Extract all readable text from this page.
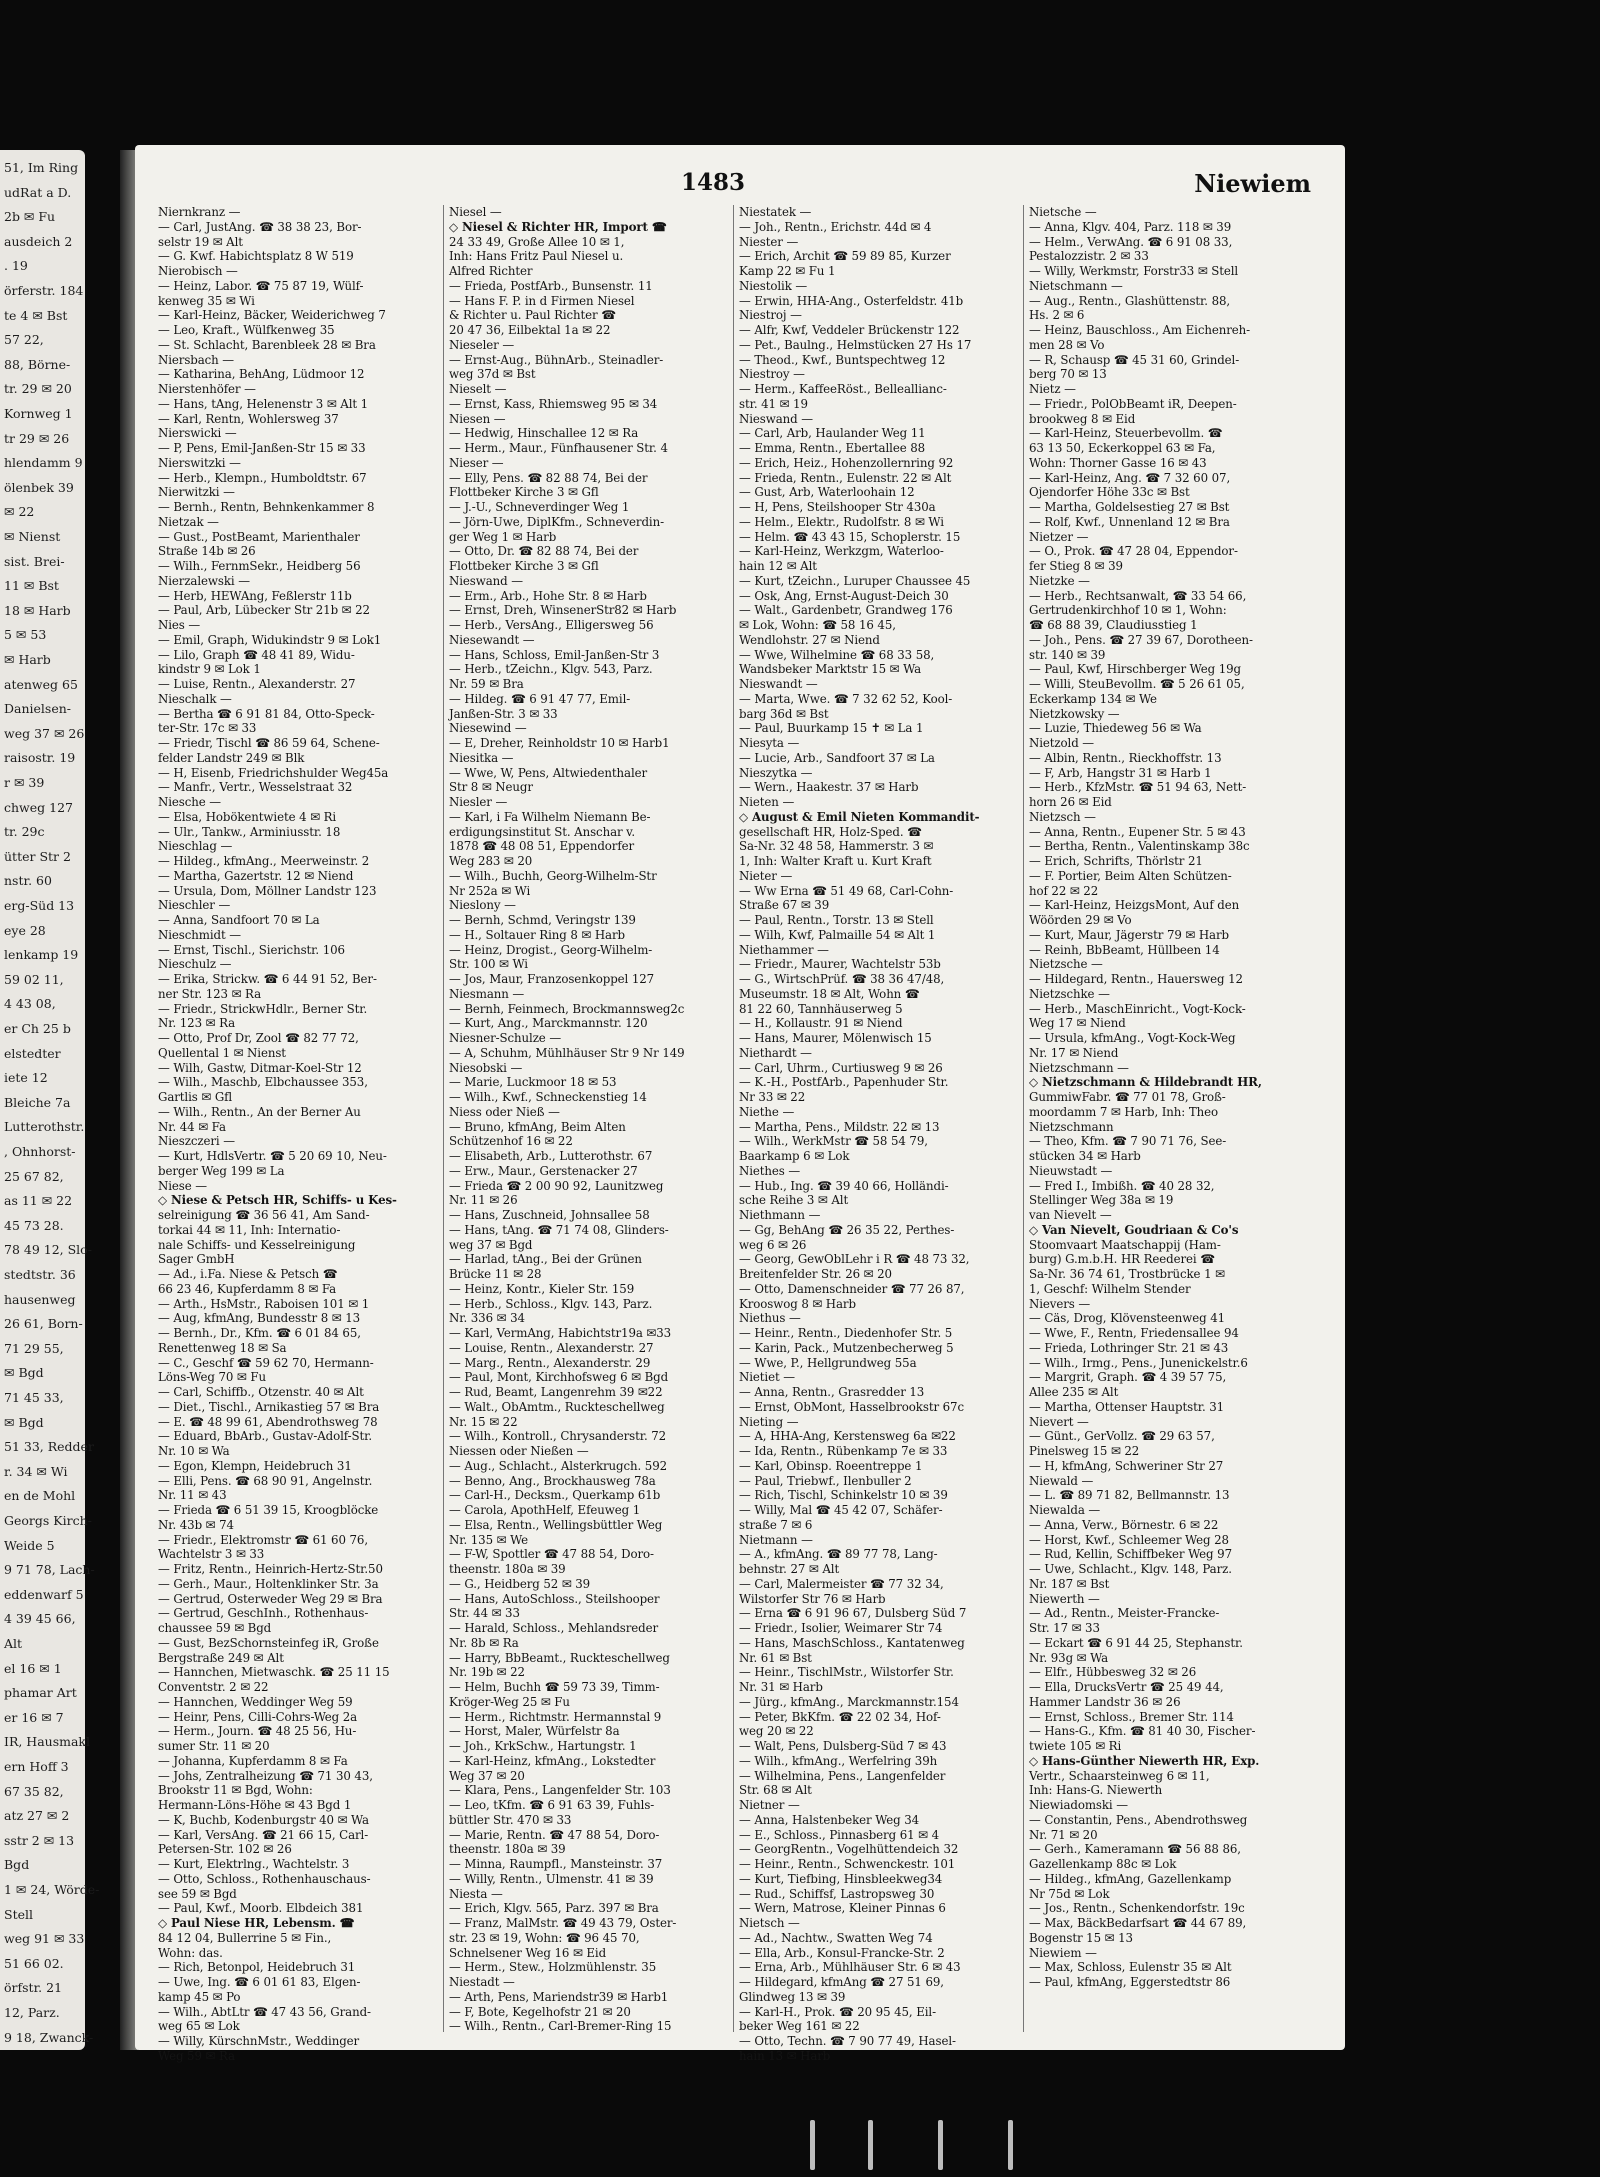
51, Im Ring
udRat a D.
2b ✉ Fu
ausdeich 2
. 19
örferstr. 184
te 4 ✉ Bst
57 22,
88, Börne-
tr. 29 ✉ 20
Kornweg 1
tr 29 ✉ 26
hlendamm 9
ölenbek 39
✉ 22
✉ Nienst
sist. Brei-
11 ✉ Bst
18 ✉ Harb
5 ✉ 53
✉ Harb
atenweg 65
Danielsen-
weg 37 ✉ 26
raisostr. 19
r ✉ 39
chweg 127
tr. 29c
ütter Str 2
nstr. 60
erg-Süd 13
eye 28
lenkamp 19
59 02 11,
4 43 08,
er Ch 25 b
elstedter
iete 12
Bleiche 7a
Lutterothstr.
, Ohnhorst-
25 67 82,
as 11 ✉ 22
45 73 28.
78 49 12, Slo-
stedtstr. 36
hausenweg
26 61, Born-
71 29 55,
✉ Bgd
71 45 33,
✉ Bgd
51 33, Redder
r. 34 ✉ Wi
en de Mohl
Georgs Kirch-
Weide 5
9 71 78, Lach-
eddenwarf 5
4 39 45 66,
Alt
el 16 ✉ 1
phamar Art
er 16 ✉ 7
IR, Hausmakl
ern Hoff 3
67 35 82,
atz 27 ✉ 2
sstr 2 ✉ 13
Bgd
1 ✉ 24, Wörde-
Stell
weg 91 ✉ 33
51 66 02.
örfstr. 21
12, Parz.
9 18, Zwanck-
1483	Niewiem
Niernkranz —
— Carl, JustAng. ☎ 38 38 23, Bor-
selstr 19 ✉ Alt
— G. Kwf. Habichtsplatz 8 W 519
Nierobisch —
— Heinz, Labor. ☎ 75 87 19, Wülf-
kenweg 35 ✉ Wi
— Karl-Heinz, Bäcker, Weiderichweg 7
— Leo, Kraft., Wülfkenweg 35
— St. Schlacht, Barenbleek 28 ✉ Bra
Niersbach —
— Katharina, BehAng, Lüdmoor 12
Nierstenhöfer —
— Hans, tAng, Helenenstr 3 ✉ Alt 1
— Karl, Rentn, Wohlersweg 37
Nierswicki —
— P, Pens, Emil-Janßen-Str 15 ✉ 33
Nierswitzki —
— Herb., Klempn., Humboldtstr. 67
Nierwitzki —
— Bernh., Rentn, Behnkenkammer 8
Nietzak —
— Gust., PostBeamt, Marienthaler
Straße 14b ✉ 26
— Wilh., FernmSekr., Heidberg 56
Nierzalewski —
— Herb, HEWAng, Feßlerstr 11b
— Paul, Arb, Lübecker Str 21b ✉ 22
Nies —
— Emil, Graph, Widukindstr 9 ✉ Lok1
— Lilo, Graph ☎ 48 41 89, Widu-
kindstr 9 ✉ Lok 1
— Luise, Rentn., Alexanderstr. 27
Nieschalk —
— Bertha ☎ 6 91 81 84, Otto-Speck-
ter-Str. 17c ✉ 33
— Friedr, Tischl ☎ 86 59 64, Schene-
felder Landstr 249 ✉ Blk
— H, Eisenb, Friedrichshulder Weg45a
— Manfr., Vertr., Wesselstraat 32
Niesche —
— Elsa, Hobökentwiete 4 ✉ Ri
— Ulr., Tankw., Arminiusstr. 18
Nieschlag —
— Hildeg., kfmAng., Meerweinstr. 2
— Martha, Gazertstr. 12 ✉ Niend
— Ursula, Dom, Möllner Landstr 123
Nieschler —
— Anna, Sandfoort 70 ✉ La
Nieschmidt —
— Ernst, Tischl., Sierichstr. 106
Nieschulz —
— Erika, Strickw. ☎ 6 44 91 52, Ber-
ner Str. 123 ✉ Ra
— Friedr., StrickwHdlr., Berner Str.
Nr. 123 ✉ Ra
— Otto, Prof Dr, Zool ☎ 82 77 72,
Quellental 1 ✉ Nienst
— Wilh, Gastw, Ditmar-Koel-Str 12
— Wilh., Maschb, Elbchaussee 353,
Gartlis ✉ Gfl
— Wilh., Rentn., An der Berner Au
Nr. 44 ✉ Fa
Nieszczeri —
— Kurt, HdlsVertr. ☎ 5 20 69 10, Neu-
berger Weg 199 ✉ La
Niese —
◇ Niese & Petsch HR, Schiffs- u Kes-
selreinigung ☎ 36 56 41, Am Sand-
torkai 44 ✉ 11, Inh: Internatio-
nale Schiffs- und Kesselreinigung
Sager GmbH
— Ad., i.Fa. Niese & Petsch ☎
66 23 46, Kupferdamm 8 ✉ Fa
— Arth., HsMstr., Raboisen 101 ✉ 1
— Aug, kfmAng, Bundesstr 8 ✉ 13
— Bernh., Dr., Kfm. ☎ 6 01 84 65,
Renettenweg 18 ✉ Sa
— C., Geschf ☎ 59 62 70, Hermann-
Löns-Weg 70 ✉ Fu
— Carl, Schiffb., Otzenstr. 40 ✉ Alt
— Diet., Tischl., Arnikastieg 57 ✉ Bra
— E. ☎ 48 99 61, Abendrothsweg 78
— Eduard, BbArb., Gustav-Adolf-Str.
Nr. 10 ✉ Wa
— Egon, Klempn, Heidebruch 31
— Elli, Pens. ☎ 68 90 91, Angelnstr.
Nr. 11 ✉ 43
— Frieda ☎ 6 51 39 15, Kroogblöcke
Nr. 43b ✉ 74
— Friedr., Elektromstr ☎ 61 60 76,
Wachtelstr 3 ✉ 33
— Fritz, Rentn., Heinrich-Hertz-Str.50
— Gerh., Maur., Holtenklinker Str. 3a
— Gertrud, Osterweder Weg 29 ✉ Bra
— Gertrud, GeschInh., Rothenhaus-
chaussee 59 ✉ Bgd
— Gust, BezSchornsteinfeg iR, Große
Bergstraße 249 ✉ Alt
— Hannchen, Mietwaschk. ☎ 25 11 15
Conventstr. 2 ✉ 22
— Hannchen, Weddinger Weg 59
— Heinr, Pens, Cilli-Cohrs-Weg 2a
— Herm., Journ. ☎ 48 25 56, Hu-
sumer Str. 11 ✉ 20
— Johanna, Kupferdamm 8 ✉ Fa
— Johs, Zentralheizung ☎ 71 30 43,
Brookstr 11 ✉ Bgd, Wohn:
Hermann-Löns-Höhe ✉ 43 Bgd 1
— K, Buchb, Kodenburgstr 40 ✉ Wa
— Karl, VersAng. ☎ 21 66 15, Carl-
Petersen-Str. 102 ✉ 26
— Kurt, Elektrlng., Wachtelstr. 3
— Otto, Schloss., Rothenhauschaus-
see 59 ✉ Bgd
— Paul, Kwf., Moorb. Elbdeich 381
◇ Paul Niese HR, Lebensm. ☎
84 12 04, Bullerrine 5 ✉ Fin.,
Wohn: das.
— Rich, Betonpol, Heidebruch 31
— Uwe, Ing. ☎ 6 01 61 83, Elgen-
kamp 45 ✉ Po
— Wilh., AbtLtr ☎ 47 43 56, Grand-
weg 65 ✉ Lok
— Willy, KürschnMstr., Weddinger
Weg 59 ✉ Ra
Niesel —
◇ Niesel & Richter HR, Import ☎
24 33 49, Große Allee 10 ✉ 1,
Inh: Hans Fritz Paul Niesel u.
Alfred Richter
— Frieda, PostfArb., Bunsenstr. 11
— Hans F. P. in d Firmen Niesel
& Richter u. Paul Richter ☎
20 47 36, Eilbektal 1a ✉ 22
Nieseler —
— Ernst-Aug., BühnArb., Steinadler-
weg 37d ✉ Bst
Nieselt —
— Ernst, Kass, Rhiemsweg 95 ✉ 34
Niesen —
— Hedwig, Hinschallee 12 ✉ Ra
— Herm., Maur., Fünfhausener Str. 4
Nieser —
— Elly, Pens. ☎ 82 88 74, Bei der
Flottbeker Kirche 3 ✉ Gfl
— J.-U., Schneverdinger Weg 1
— Jörn-Uwe, DiplKfm., Schneverdin-
ger Weg 1 ✉ Harb
— Otto, Dr. ☎ 82 88 74, Bei der
Flottbeker Kirche 3 ✉ Gfl
Nieswand —
— Erm., Arb., Hohe Str. 8 ✉ Harb
— Ernst, Dreh, WinsenerStr82 ✉ Harb
— Herb., VersAng., Elligersweg 56
Niesewandt —
— Hans, Schloss, Emil-Janßen-Str 3
— Herb., tZeichn., Klgv. 543, Parz.
Nr. 59 ✉ Bra
— Hildeg. ☎ 6 91 47 77, Emil-
Janßen-Str. 3 ✉ 33
Niesewind —
— E, Dreher, Reinholdstr 10 ✉ Harb1
Niesitka —
— Wwe, W, Pens, Altwiedenthaler
Str 8 ✉ Neugr
Niesler —
— Karl, i Fa Wilhelm Niemann Be-
erdigungsinstitut St. Anschar v.
1878 ☎ 48 08 51, Eppendorfer
Weg 283 ✉ 20
— Wilh., Buchh, Georg-Wilhelm-Str
Nr 252a ✉ Wi
Nieslony —
— Bernh, Schmd, Veringstr 139
— H., Soltauer Ring 8 ✉ Harb
— Heinz, Drogist., Georg-Wilhelm-
Str. 100 ✉ Wi
— Jos, Maur, Franzosenkoppel 127
Niesmann —
— Bernh, Feinmech, Brockmannsweg2c
— Kurt, Ang., Marckmannstr. 120
Niesner-Schulze —
— A, Schuhm, Mühlhäuser Str 9 Nr 149
Niesobski —
— Marie, Luckmoor 18 ✉ 53
— Wilh., Kwf., Schneckenstieg 14
Niess oder Nieß —
— Bruno, kfmAng, Beim Alten
Schützenhof 16 ✉ 22
— Elisabeth, Arb., Lutterothstr. 67
— Erw., Maur., Gerstenacker 27
— Frieda ☎ 2 00 90 92, Launitzweg
Nr. 11 ✉ 26
— Hans, Zuschneid, Johnsallee 58
— Hans, tAng. ☎ 71 74 08, Glinders-
weg 37 ✉ Bgd
— Harlad, tAng., Bei der Grünen
Brücke 11 ✉ 28
— Heinz, Kontr., Kieler Str. 159
— Herb., Schloss., Klgv. 143, Parz.
Nr. 336 ✉ 34
— Karl, VermAng, Habichtstr19a ✉33
— Louise, Rentn., Alexanderstr. 27
— Marg., Rentn., Alexanderstr. 29
— Paul, Mont, Kirchhofsweg 6 ✉ Bgd
— Rud, Beamt, Langenrehm 39 ✉22
— Walt., ObAmtm., Ruckteschellweg
Nr. 15 ✉ 22
— Wilh., Kontroll., Chrysanderstr. 72
Niessen oder Nießen —
— Aug., Schlacht., Alsterkrugch. 592
— Benno, Ang., Brockhausweg 78a
— Carl-H., Decksm., Querkamp 61b
— Carola, ApothHelf, Efeuweg 1
— Elsa, Rentn., Wellingsbüttler Weg
Nr. 135 ✉ We
— F-W, Spottler ☎ 47 88 54, Doro-
theenstr. 180a ✉ 39
— G., Heidberg 52 ✉ 39
— Hans, AutoSchloss., Steilshooper
Str. 44 ✉ 33
— Harald, Schloss., Mehlandsreder
Nr. 8b ✉ Ra
— Harry, BbBeamt., Ruckteschellweg
Nr. 19b ✉ 22
— Helm, Buchh ☎ 59 73 39, Timm-
Kröger-Weg 25 ✉ Fu
— Herm., Richtmstr. Hermannstal 9
— Horst, Maler, Würfelstr 8a
— Joh., KrkSchw., Hartungstr. 1
— Karl-Heinz, kfmAng., Lokstedter
Weg 37 ✉ 20
— Klara, Pens., Langenfelder Str. 103
— Leo, tKfm. ☎ 6 91 63 39, Fuhls-
büttler Str. 470 ✉ 33
— Marie, Rentn. ☎ 47 88 54, Doro-
theenstr. 180a ✉ 39
— Minna, Raumpfl., Mansteinstr. 37
— Willy, Rentn., Ulmenstr. 41 ✉ 39
Niesta —
— Erich, Klgv. 565, Parz. 397 ✉ Bra
— Franz, MalMstr. ☎ 49 43 79, Oster-
str. 23 ✉ 19, Wohn: ☎ 96 45 70,
Schnelsener Weg 16 ✉ Eid
— Herm., Stew., Holzmühlenstr. 35
Niestadt —
— Arth, Pens, Mariendstr39 ✉ Harb1
— F, Bote, Kegelhofstr 21 ✉ 20
— Wilh., Rentn., Carl-Bremer-Ring 15
Niestatek —
— Joh., Rentn., Erichstr. 44d ✉ 4
Niester —
— Erich, Archit ☎ 59 89 85, Kurzer
Kamp 22 ✉ Fu 1
Niestolik —
— Erwin, HHA-Ang., Osterfeldstr. 41b
Niestroj —
— Alfr, Kwf, Veddeler Brückenstr 122
— Pet., Baulng., Helmstücken 27 Hs 17
— Theod., Kwf., Buntspechtweg 12
Niestroy —
— Herm., KaffeeRöst., Belleallianc-
str. 41 ✉ 19
Nieswand —
— Carl, Arb, Haulander Weg 11
— Emma, Rentn., Ebertallee 88
— Erich, Heiz., Hohenzollernring 92
— Frieda, Rentn., Eulenstr. 22 ✉ Alt
— Gust, Arb, Waterloohain 12
— H, Pens, Steilshooper Str 430a
— Helm., Elektr., Rudolfstr. 8 ✉ Wi
— Helm. ☎ 43 43 15, Schoplerstr. 15
— Karl-Heinz, Werkzgm, Waterloo-
hain 12 ✉ Alt
— Kurt, tZeichn., Luruper Chaussee 45
— Osk, Ang, Ernst-August-Deich 30
— Walt., Gardenbetr, Grandweg 176
✉ Lok, Wohn: ☎ 58 16 45,
Wendlohstr. 27 ✉ Niend
— Wwe, Wilhelmine ☎ 68 33 58,
Wandsbeker Marktstr 15 ✉ Wa
Nieswandt —
— Marta, Wwe. ☎ 7 32 62 52, Kool-
barg 36d ✉ Bst
— Paul, Buurkamp 15 ✝ ✉ La 1
Niesyta —
— Lucie, Arb., Sandfoort 37 ✉ La
Nieszytka —
— Wern., Haakestr. 37 ✉ Harb
Nieten —
◇ August & Emil Nieten Kommandit-
gesellschaft HR, Holz-Sped. ☎
Sa-Nr. 32 48 58, Hammerstr. 3 ✉
1, Inh: Walter Kraft u. Kurt Kraft
Nieter —
— Ww Erna ☎ 51 49 68, Carl-Cohn-
Straße 67 ✉ 39
— Paul, Rentn., Torstr. 13 ✉ Stell
— Wilh, Kwf, Palmaille 54 ✉ Alt 1
Niethammer —
— Friedr., Maurer, Wachtelstr 53b
— G., WirtschPrüf. ☎ 38 36 47/48,
Museumstr. 18 ✉ Alt, Wohn ☎
81 22 60, Tannhäuserweg 5
— H., Kollaustr. 91 ✉ Niend
— Hans, Maurer, Mölenwisch 15
Niethardt —
— Carl, Uhrm., Curtiusweg 9 ✉ 26
— K.-H., PostfArb., Papenhuder Str.
Nr 33 ✉ 22
Niethe —
— Martha, Pens., Mildstr. 22 ✉ 13
— Wilh., WerkMstr ☎ 58 54 79,
Baarkamp 6 ✉ Lok
Niethes —
— Hub., Ing. ☎ 39 40 66, Holländi-
sche Reihe 3 ✉ Alt
Niethmann —
— Gg, BehAng ☎ 26 35 22, Perthes-
weg 6 ✉ 26
— Georg, GewOblLehr i R ☎ 48 73 32,
Breitenfelder Str. 26 ✉ 20
— Otto, Damenschneider ☎ 77 26 87,
Krooswog 8 ✉ Harb
Niethus —
— Heinr., Rentn., Diedenhofer Str. 5
— Karin, Pack., Mutzenbecherweg 5
— Wwe, P., Hellgrundweg 55a
Nietiet —
— Anna, Rentn., Grasredder 13
— Ernst, ObMont, Hasselbrookstr 67c
Nieting —
— A, HHA-Ang, Kerstensweg 6a ✉22
— Ida, Rentn., Rübenkamp 7e ✉ 33
— Karl, Obinsp. Roeentreppe 1
— Paul, Triebwf., Ilenbuller 2
— Rich, Tischl, Schinkelstr 10 ✉ 39
— Willy, Mal ☎ 45 42 07, Schäfer-
straße 7 ✉ 6
Nietmann —
— A., kfmAng. ☎ 89 77 78, Lang-
behnstr. 27 ✉ Alt
— Carl, Malermeister ☎ 77 32 34,
Wilstorfer Str 76 ✉ Harb
— Erna ☎ 6 91 96 67, Dulsberg Süd 7
— Friedr., Isolier, Weimarer Str 74
— Hans, MaschSchloss., Kantatenweg
Nr. 61 ✉ Bst
— Heinr., TischlMstr., Wilstorfer Str.
Nr. 31 ✉ Harb
— Jürg., kfmAng., Marckmannstr.154
— Peter, BkKfm. ☎ 22 02 34, Hof-
weg 20 ✉ 22
— Walt, Pens, Dulsberg-Süd 7 ✉ 43
— Wilh., kfmAng., Werfelring 39h
— Wilhelmina, Pens., Langenfelder
Str. 68 ✉ Alt
Nietner —
— Anna, Halstenbeker Weg 34
— E., Schloss., Pinnasberg 61 ✉ 4
— GeorgRentn., Vogelhüttendeich 32
— Heinr., Rentn., Schwenckestr. 101
— Kurt, Tiefbing, Hinsbleekweg34
— Rud., Schiffsf, Lastropsweg 30
— Wern, Matrose, Kleiner Pinnas 6
Nietsch —
— Ad., Nachtw., Swatten Weg 74
— Ella, Arb., Konsul-Francke-Str. 2
— Erna, Arb., Mühlhäuser Str. 6 ✉ 43
— Hildegard, kfmAng ☎ 27 51 69,
Glindweg 13 ✉ 39
— Karl-H., Prok. ☎ 20 95 45, Eil-
beker Weg 161 ✉ 22
— Otto, Techn. ☎ 7 90 77 49, Hasel-
hain 13 ✉ Harb
Nietsche —
— Anna, Klgv. 404, Parz. 118 ✉ 39
— Helm., VerwAng. ☎ 6 91 08 33,
Pestalozzistr. 2 ✉ 33
— Willy, Werkmstr, Forstr33 ✉ Stell
Nietschmann —
— Aug., Rentn., Glashüttenstr. 88,
Hs. 2 ✉ 6
— Heinz, Bauschloss., Am Eichenreh-
men 28 ✉ Vo
— R, Schausp ☎ 45 31 60, Grindel-
berg 70 ✉ 13
Nietz —
— Friedr., PolObBeamt iR, Deepen-
brookweg 8 ✉ Eid
— Karl-Heinz, Steuerbevollm. ☎
63 13 50, Eckerkoppel 63 ✉ Fa,
Wohn: Thorner Gasse 16 ✉ 43
— Karl-Heinz, Ang. ☎ 7 32 60 07,
Ojendorfer Höhe 33c ✉ Bst
— Martha, Goldelsestieg 27 ✉ Bst
— Rolf, Kwf., Unnenland 12 ✉ Bra
Nietzer —
— O., Prok. ☎ 47 28 04, Eppendor-
fer Stieg 8 ✉ 39
Nietzke —
— Herb., Rechtsanwalt, ☎ 33 54 66,
Gertrudenkirchhof 10 ✉ 1, Wohn:
☎ 68 88 39, Claudiusstieg 1
— Joh., Pens. ☎ 27 39 67, Dorotheen-
str. 140 ✉ 39
— Paul, Kwf, Hirschberger Weg 19g
— Willi, SteuBevollm. ☎ 5 26 61 05,
Eckerkamp 134 ✉ We
Nietzkowsky —
— Luzie, Thiedeweg 56 ✉ Wa
Nietzold —
— Albin, Rentn., Rieckhoffstr. 13
— F, Arb, Hangstr 31 ✉ Harb 1
— Herb., KfzMstr. ☎ 51 94 63, Nett-
horn 26 ✉ Eid
Nietzsch —
— Anna, Rentn., Eupener Str. 5 ✉ 43
— Bertha, Rentn., Valentinskamp 38c
— Erich, Schrifts, Thörlstr 21
— F. Portier, Beim Alten Schützen-
hof 22 ✉ 22
— Karl-Heinz, HeizgsMont, Auf den
Wöörden 29 ✉ Vo
— Kurt, Maur, Jägerstr 79 ✉ Harb
— Reinh, BbBeamt, Hüllbeen 14
Nietzsche —
— Hildegard, Rentn., Hauersweg 12
Nietzschke —
— Herb., MaschEinricht., Vogt-Kock-
Weg 17 ✉ Niend
— Ursula, kfmAng., Vogt-Kock-Weg
Nr. 17 ✉ Niend
Nietzschmann —
◇ Nietzschmann & Hildebrandt HR,
GummiwFabr. ☎ 77 01 78, Groß-
moordamm 7 ✉ Harb, Inh: Theo
Nietzschmann
— Theo, Kfm. ☎ 7 90 71 76, See-
stücken 34 ✉ Harb
Nieuwstadt —
— Fred I., Imbißh. ☎ 40 28 32,
Stellinger Weg 38a ✉ 19
van Nievelt —
◇ Van Nievelt, Goudriaan & Co's
Stoomvaart Maatschappij (Ham-
burg) G.m.b.H. HR Reederei ☎
Sa-Nr. 36 74 61, Trostbrücke 1 ✉
1, Geschf: Wilhelm Stender
Nievers —
— Cäs, Drog, Klövensteenweg 41
— Wwe, F., Rentn, Friedensallee 94
— Frieda, Lothringer Str. 21 ✉ 43
— Wilh., Irmg., Pens., Junenickelstr.6
— Margrit, Graph. ☎ 4 39 57 75,
Allee 235 ✉ Alt
— Martha, Ottenser Hauptstr. 31
Nievert —
— Günt., GerVollz. ☎ 29 63 57,
Pinelsweg 15 ✉ 22
— H, kfmAng, Schweriner Str 27
Niewald —
— L. ☎ 89 71 82, Bellmannstr. 13
Niewalda —
— Anna, Verw., Börnestr. 6 ✉ 22
— Horst, Kwf., Schleemer Weg 28
— Rud, Kellin, Schiffbeker Weg 97
— Uwe, Schlacht., Klgv. 148, Parz.
Nr. 187 ✉ Bst
Niewerth —
— Ad., Rentn., Meister-Francke-
Str. 17 ✉ 33
— Eckart ☎ 6 91 44 25, Stephanstr.
Nr. 93g ✉ Wa
— Elfr., Hübbesweg 32 ✉ 26
— Ella, DrucksVertr ☎ 25 49 44,
Hammer Landstr 36 ✉ 26
— Ernst, Schloss., Bremer Str. 114
— Hans-G., Kfm. ☎ 81 40 30, Fischer-
twiete 105 ✉ Ri
◇ Hans-Günther Niewerth HR, Exp.
Vertr., Schaarsteinweg 6 ✉ 11,
Inh: Hans-G. Niewerth
Niewiadomski —
— Constantin, Pens., Abendrothsweg
Nr. 71 ✉ 20
— Gerh., Kameramann ☎ 56 88 86,
Gazellenkamp 88c ✉ Lok
— Hildeg., kfmAng, Gazellenkamp
Nr 75d ✉ Lok
— Jos., Rentn., Schenkendorfstr. 19c
— Max, BäckBedarfsart ☎ 44 67 89,
Bogenstr 15 ✉ 13
Niewiem —
— Max, Schloss, Eulenstr 35 ✉ Alt
— Paul, kfmAng, Eggerstedtstr 86
